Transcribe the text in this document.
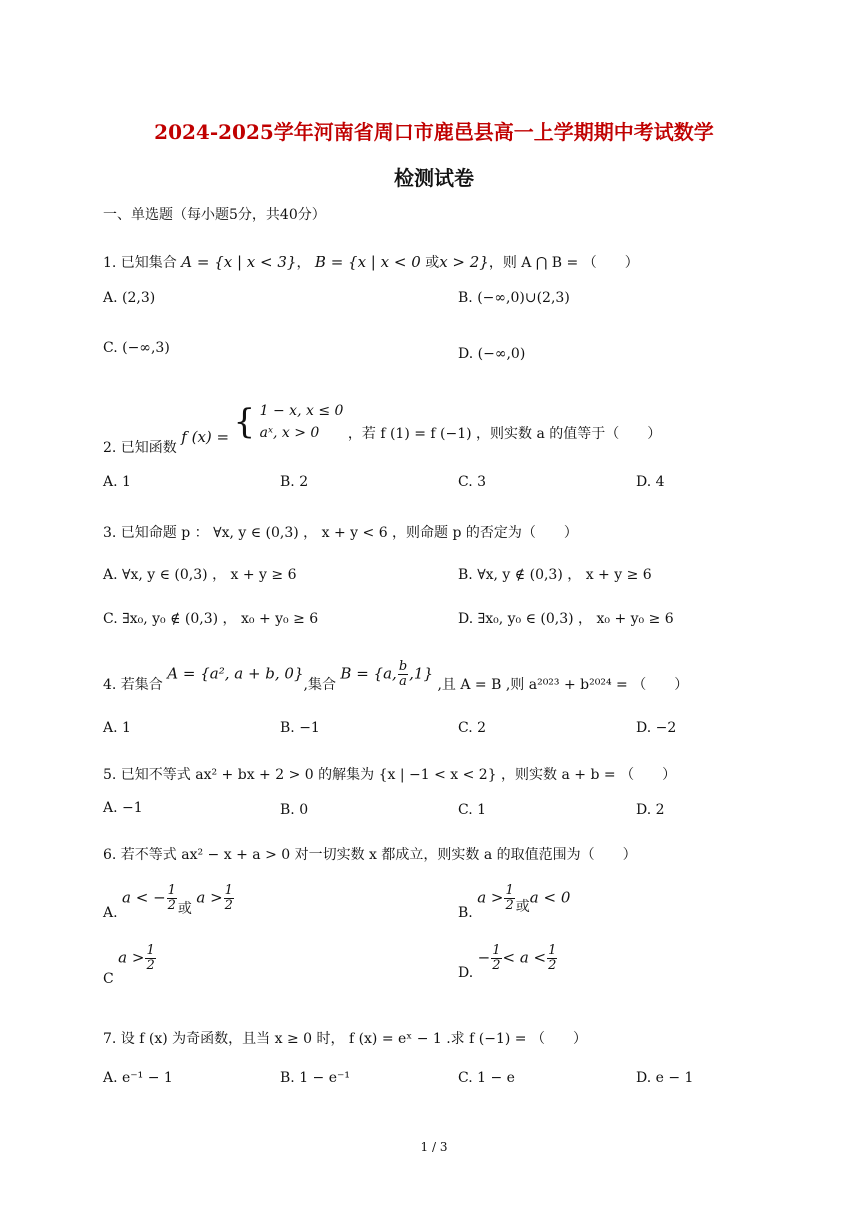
2024-2025学年河南省周口市鹿邑县高一上学期期中考试数学
检测试卷
一、单选题（每小题5分，共40分）
1. 已知集合 A = {x | x < 3}， B = {x | x < 0 或x > 2}，则 A ⋂ B = （　　）
A. (2,3)	B. (−∞,0)∪(2,3)
C. (−∞,3)	D. (−∞,0)
2. 已知函数 f (x) = { 1 − x, x ≤ 0
aˣ, x > 0	，若 f (1) = f (−1) ，则实数 a 的值等于（　　）
A. 1	B. 2	C. 3	D. 4
3. 已知命题 p ： ∀x, y ∈ (0,3) ， x + y < 6 ，则命题 p 的否定为（　　）
A. ∀x, y ∈ (0,3) ， x + y ≥ 6	B. ∀x, y ∉ (0,3) ， x + y ≥ 6
C. ∃x₀, y₀ ∉ (0,3) ， x₀ + y₀ ≥ 6	D. ∃x₀, y₀ ∈ (0,3) ， x₀ + y₀ ≥ 6
4. 若集合 A = {a², a + b, 0},集合 B = {a, $\frac{b}{a} ,1$} ,且 A = B ,则 a²⁰²³ + b²⁰²⁴ = （　　）
A. 1	B. −1	C. 2	D. −2
5. 已知不等式 ax² + bx + 2 > 0 的解集为 {x | −1 < x < 2} ，则实数 a + b = （　　）
A. −1	B. 0	C. 1	D. 2
6. 若不等式 ax² − x + a > 0 对一切实数 x 都成立，则实数 a 的取值范围为（　　）
A. a < − $\frac{1}{2}$ 或 $a > \frac{1}{2}$	B. $a > \frac{1}{2}$ 或a < 0
C $a > \frac{1}{2}$	D. − $\frac{1}{2} < a < \frac{1}{2}$
7. 设 f (x) 为奇函数，且当 x ≥ 0 时， f (x) = eˣ − 1 .求 f (−1) = （　　）
A. e⁻¹ − 1	B. 1 − e⁻¹	C. 1 − e	D. e − 1
1 / 3
